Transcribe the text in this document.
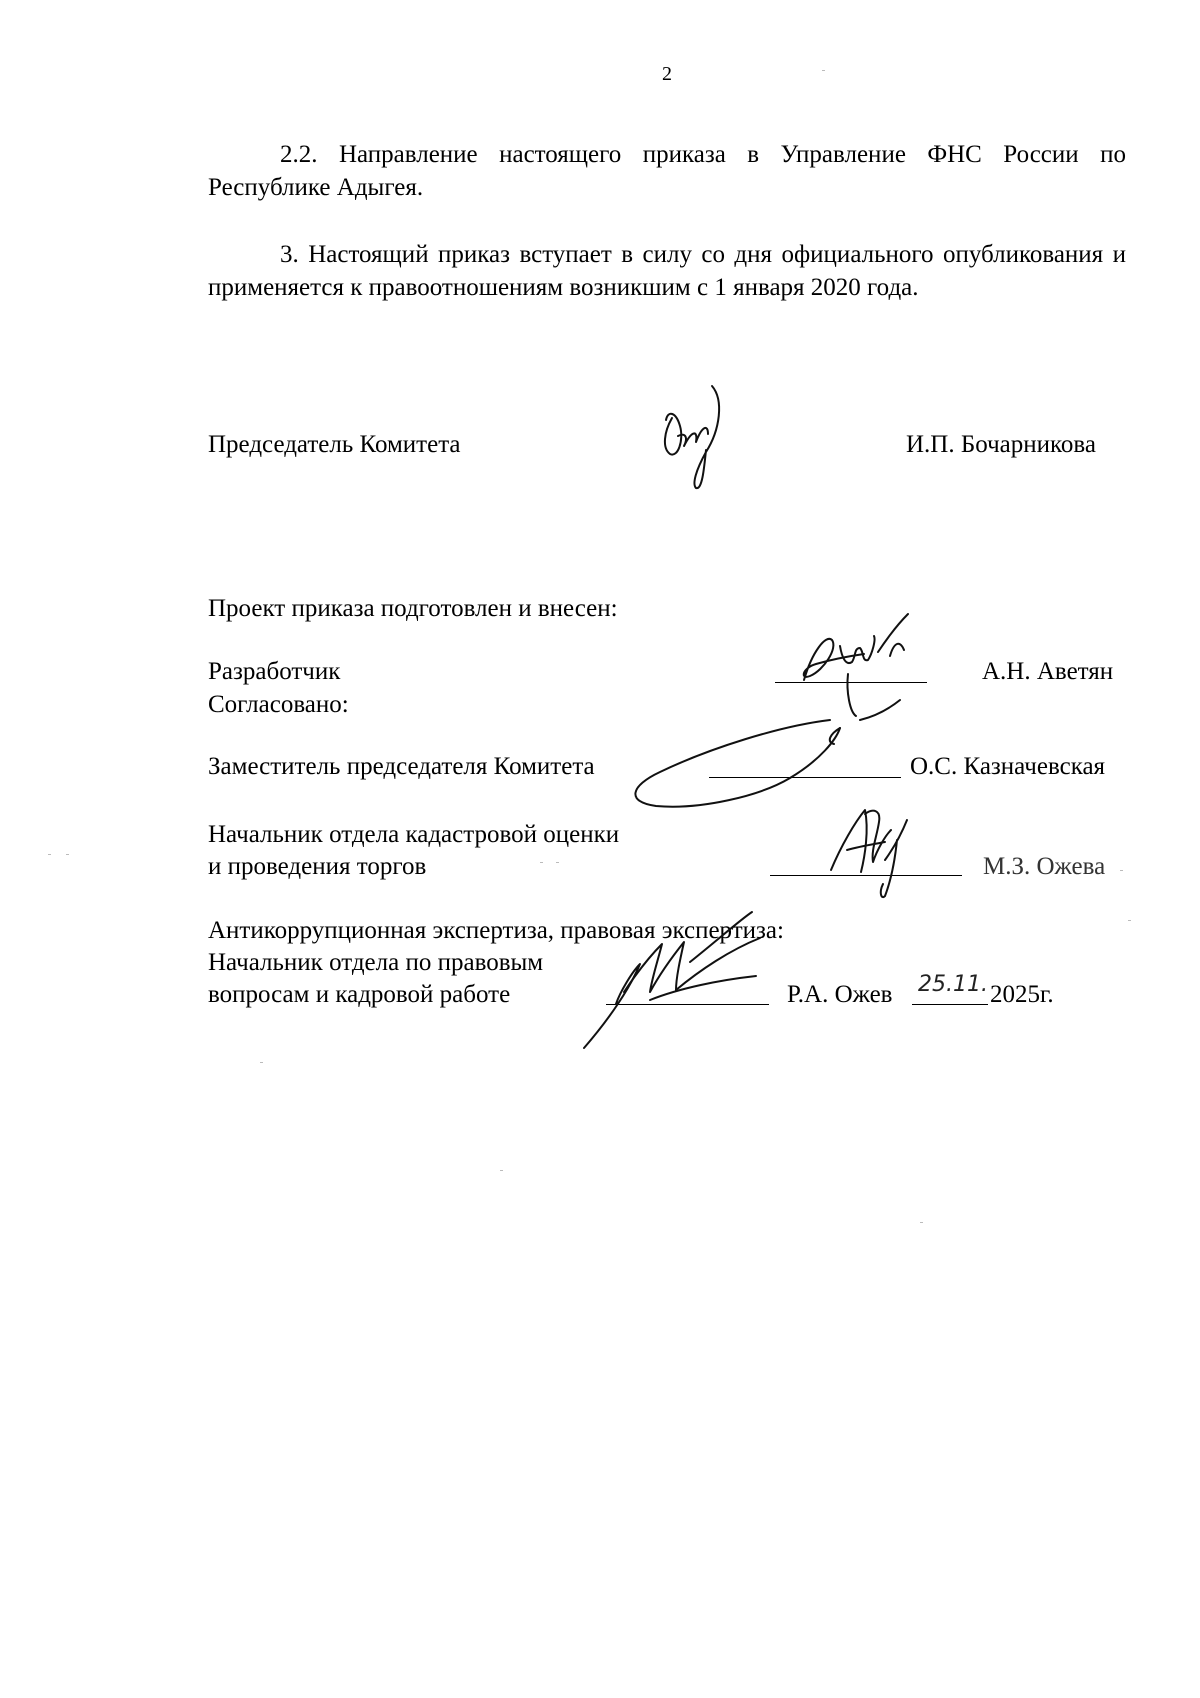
2
2.2. Направление настоящего приказа в Управление ФНС России по Республике Адыгея.
3. Настоящий приказ вступает в силу со дня официального опубликования и применяется к правоотношениям возникшим с 1 января 2020 года.
Председатель Комитета	И.П. Бочарникова
Проект приказа подготовлен и внесен:
Разработчик	А.Н. Аветян
Согласовано:
Заместитель председателя Комитета	О.С. Казначевская
Начальник отдела кадастровой оценки
и проведения торгов	М.З. Ожева
Антикоррупционная экспертиза, правовая экспертиза:
Начальник отдела по правовым
вопросам и кадровой работе	Р.А. Ожев 25.11. 2025г.
